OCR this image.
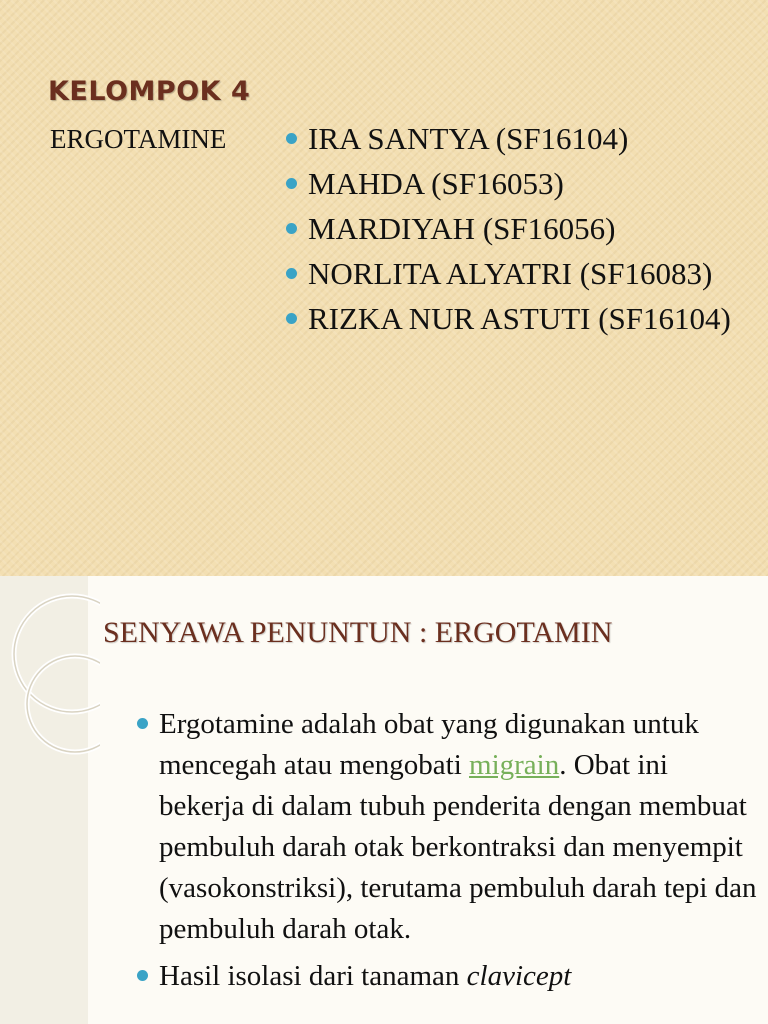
KELOMPOK 4
ERGOTAMINE	IRA SANTYA (SF16104)
MAHDA (SF16053)
MARDIYAH (SF16056)
NORLITA ALYATRI (SF16083)
RIZKA NUR ASTUTI (SF16104)
SENYAWA PENUNTUN : ERGOTAMIN
Ergotamine adalah obat yang digunakan untuk mencegah atau mengobati migrain. Obat ini bekerja di dalam tubuh penderita dengan membuat pembuluh darah otak berkontraksi dan menyempit (vasokonstriksi), terutama pembuluh darah tepi dan pembuluh darah otak.
Hasil isolasi dari tanaman clavicept
